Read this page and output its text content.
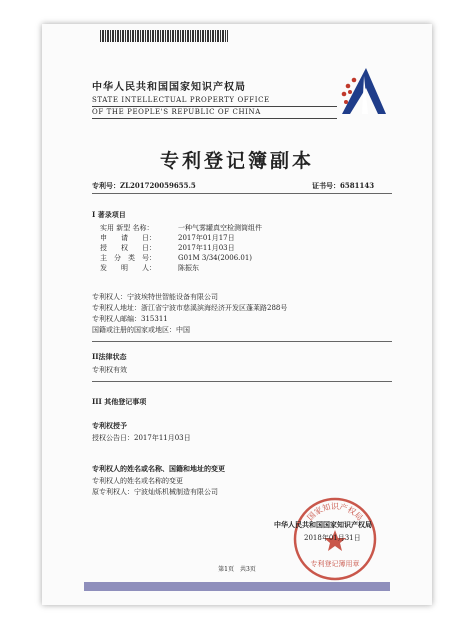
中华人民共和国国家知识产权局
STATE INTELLECTUAL PROPERTY OFFICE
OF THE PEOPLE'S REPUBLIC OF CHINA
专利登记簿副本
专利号：ZL201720059655.5	证书号：6581143
I 著录项目
实用 新型 名称：	一种气雾罐真空检测筒组件
申　　请　　日：	2017年01月17日
授　　权　　日：	2017年11月03日
主　分　类　号：	G01M 3/34(2006.01)
发　　明　　人：	陈振东
专利权人：宁波埃特世智能设备有限公司
专利权人地址：浙江省宁波市慈溪滨海经济开发区蓬莱路288号
专利权人邮编：315311
国籍或注册的国家或地区：中国
II法律状态
专利权有效
III 其他登记事项
专利权授予
授权公告日：2017年11月03日
专利权人的姓名或名称、国籍和地址的变更
专利权人的姓名或名称的变更
原专利权人：宁波灿烁机械制造有限公司
国家知识产权局
专利登记簿用章
中华人民共和国国家知识产权局
2018年01月31日
第1页　共3页
